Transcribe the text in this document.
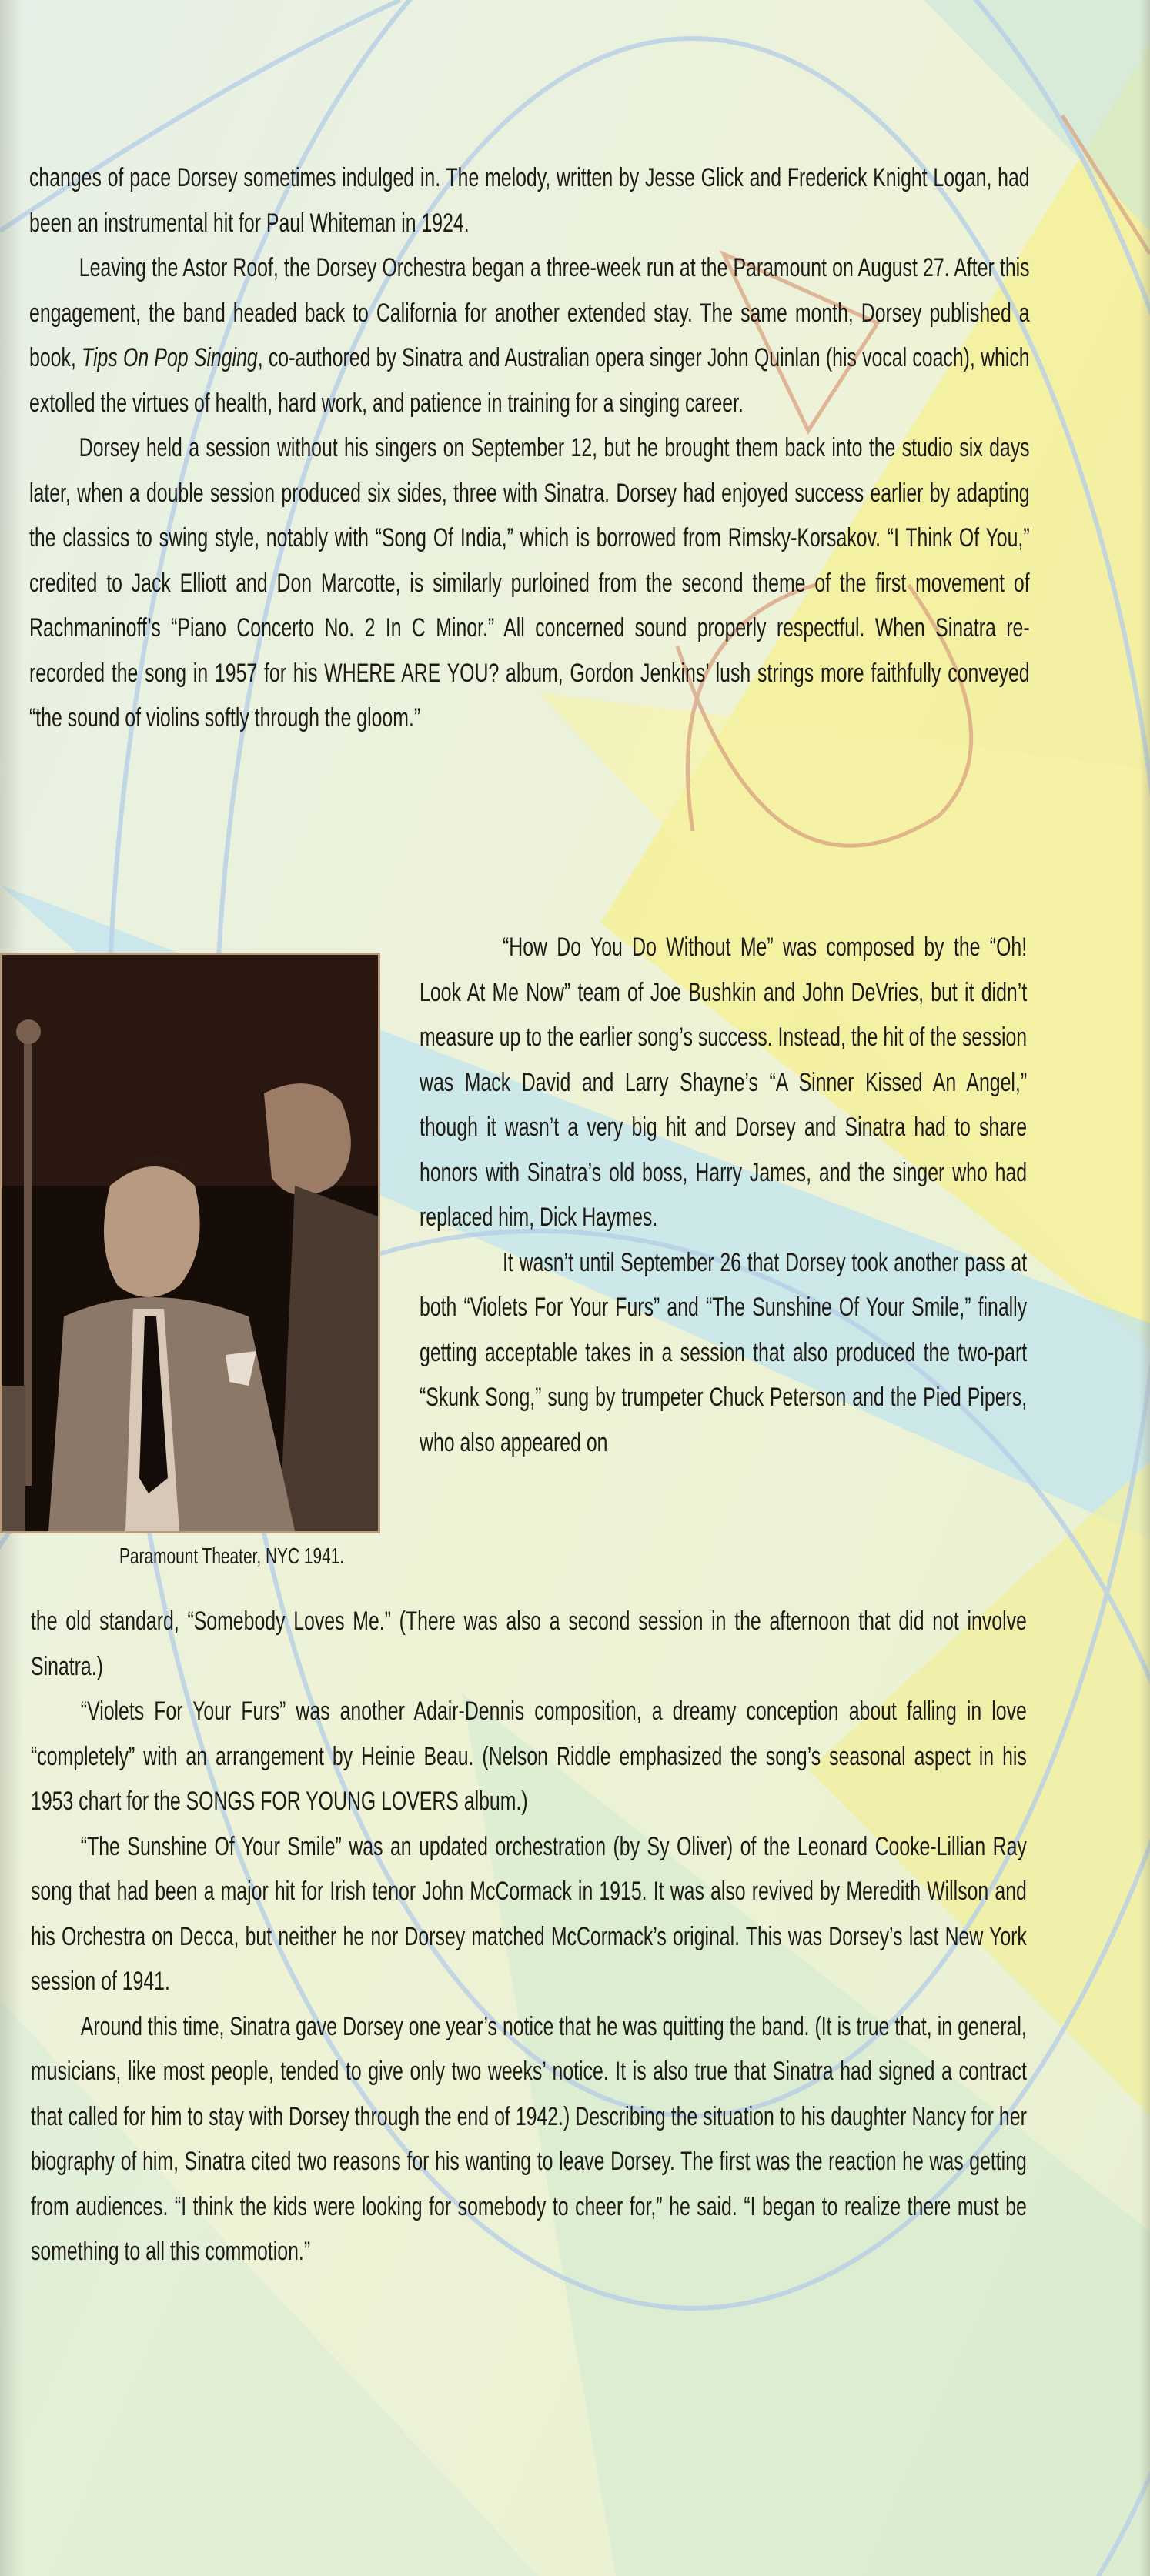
changes of pace Dorsey sometimes indulged in. The melody, written by Jesse Glick and Frederick Knight Logan, had been an instrumental hit for Paul Whiteman in 1924.

Leaving the Astor Roof, the Dorsey Orchestra began a three-week run at the Paramount on August 27. After this engagement, the band headed back to California for another extended stay. The same month, Dorsey published a book, Tips On Pop Singing, co-authored by Sinatra and Australian opera singer John Quinlan (his vocal coach), which extolled the virtues of health, hard work, and patience in training for a singing career.

Dorsey held a session without his singers on September 12, but he brought them back into the studio six days later, when a double session produced six sides, three with Sinatra. Dorsey had enjoyed success earlier by adapting the classics to swing style, notably with “Song Of India,” which is borrowed from Rimsky-Korsakov. “I Think Of You,” credited to Jack Elliott and Don Marcotte, is similarly purloined from the second theme of the first movement of Rachmaninoff’s “Piano Concerto No. 2 In C Minor.” All concerned sound properly respectful. When Sinatra re-recorded the song in 1957 for his WHERE ARE YOU? album, Gordon Jenkins’ lush strings more faithfully conveyed “the sound of violins softly through the gloom.”

Paramount Theater, NYC 1941.

“How Do You Do Without Me” was composed by the “Oh! Look At Me Now” team of Joe Bushkin and John DeVries, but it didn’t measure up to the earlier song’s success. Instead, the hit of the session was Mack David and Larry Shayne’s “A Sinner Kissed An Angel,” though it wasn’t a very big hit and Dorsey and Sinatra had to share honors with Sinatra’s old boss, Harry James, and the singer who had replaced him, Dick Haymes.

It wasn’t until September 26 that Dorsey took another pass at both “Violets For Your Furs” and “The Sunshine Of Your Smile,” finally getting acceptable takes in a session that also produced the two-part “Skunk Song,” sung by trumpeter Chuck Peterson and the Pied Pipers, who also appeared on

the old standard, “Somebody Loves Me.” (There was also a second session in the afternoon that did not involve Sinatra.)

“Violets For Your Furs” was another Adair-Dennis composition, a dreamy conception about falling in love “completely” with an arrangement by Heinie Beau. (Nelson Riddle emphasized the song’s seasonal aspect in his 1953 chart for the SONGS FOR YOUNG LOVERS album.)

“The Sunshine Of Your Smile” was an updated orchestration (by Sy Oliver) of the Leonard Cooke-Lillian Ray song that had been a major hit for Irish tenor John McCormack in 1915. It was also revived by Meredith Willson and his Orchestra on Decca, but neither he nor Dorsey matched McCormack’s original. This was Dorsey’s last New York session of 1941.

Around this time, Sinatra gave Dorsey one year’s notice that he was quitting the band. (It is true that, in general, musicians, like most people, tended to give only two weeks’ notice. It is also true that Sinatra had signed a contract that called for him to stay with Dorsey through the end of 1942.) Describing the situation to his daughter Nancy for her biography of him, Sinatra cited two reasons for his wanting to leave Dorsey. The first was the reaction he was getting from audiences. “I think the kids were looking for somebody to cheer for,” he said. “I began to realize there must be something to all this commotion.”
